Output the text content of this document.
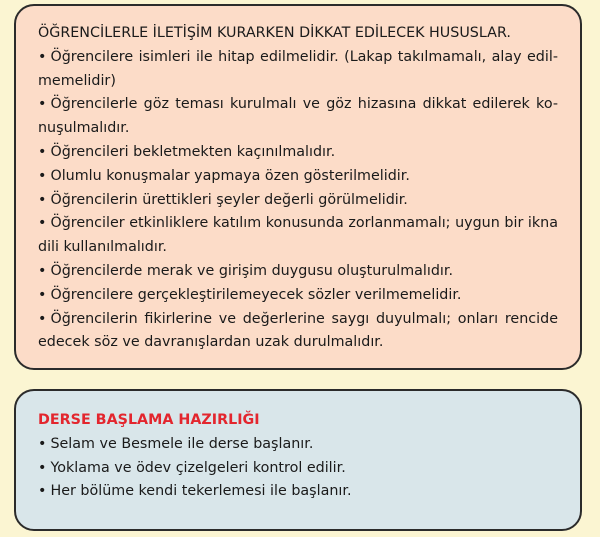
ÖĞRENCİLERLE İLETİŞİM KURARKEN DİKKAT EDİLECEK HUSUSLAR.
• Öğrencilere isimleri ile hitap edilmelidir. (Lakap takılmamalı, alay edil-memelidir)
• Öğrencilerle göz teması kurulmalı ve göz hizasına dikkat edilerek ko-nuşulmalıdır.
• Öğrencileri bekletmekten kaçınılmalıdır.
• Olumlu konuşmalar yapmaya özen gösterilmelidir.
• Öğrencilerin ürettikleri şeyler değerli görülmelidir.
• Öğrenciler etkinliklere katılım konusunda zorlanmamalı; uygun bir ikna dili kullanılmalıdır.
• Öğrencilerde merak ve girişim duygusu oluşturulmalıdır.
• Öğrencilere gerçekleştirilemeyecek sözler verilmemelidir.
• Öğrencilerin fikirlerine ve değerlerine saygı duyulmalı; onları rencide edecek söz ve davranışlardan uzak durulmalıdır.
DERSE BAŞLAMA HAZIRLIĞI
• Selam ve Besmele ile derse başlanır.
• Yoklama ve ödev çizelgeleri kontrol edilir.
• Her bölüme kendi tekerlemesi ile başlanır.
